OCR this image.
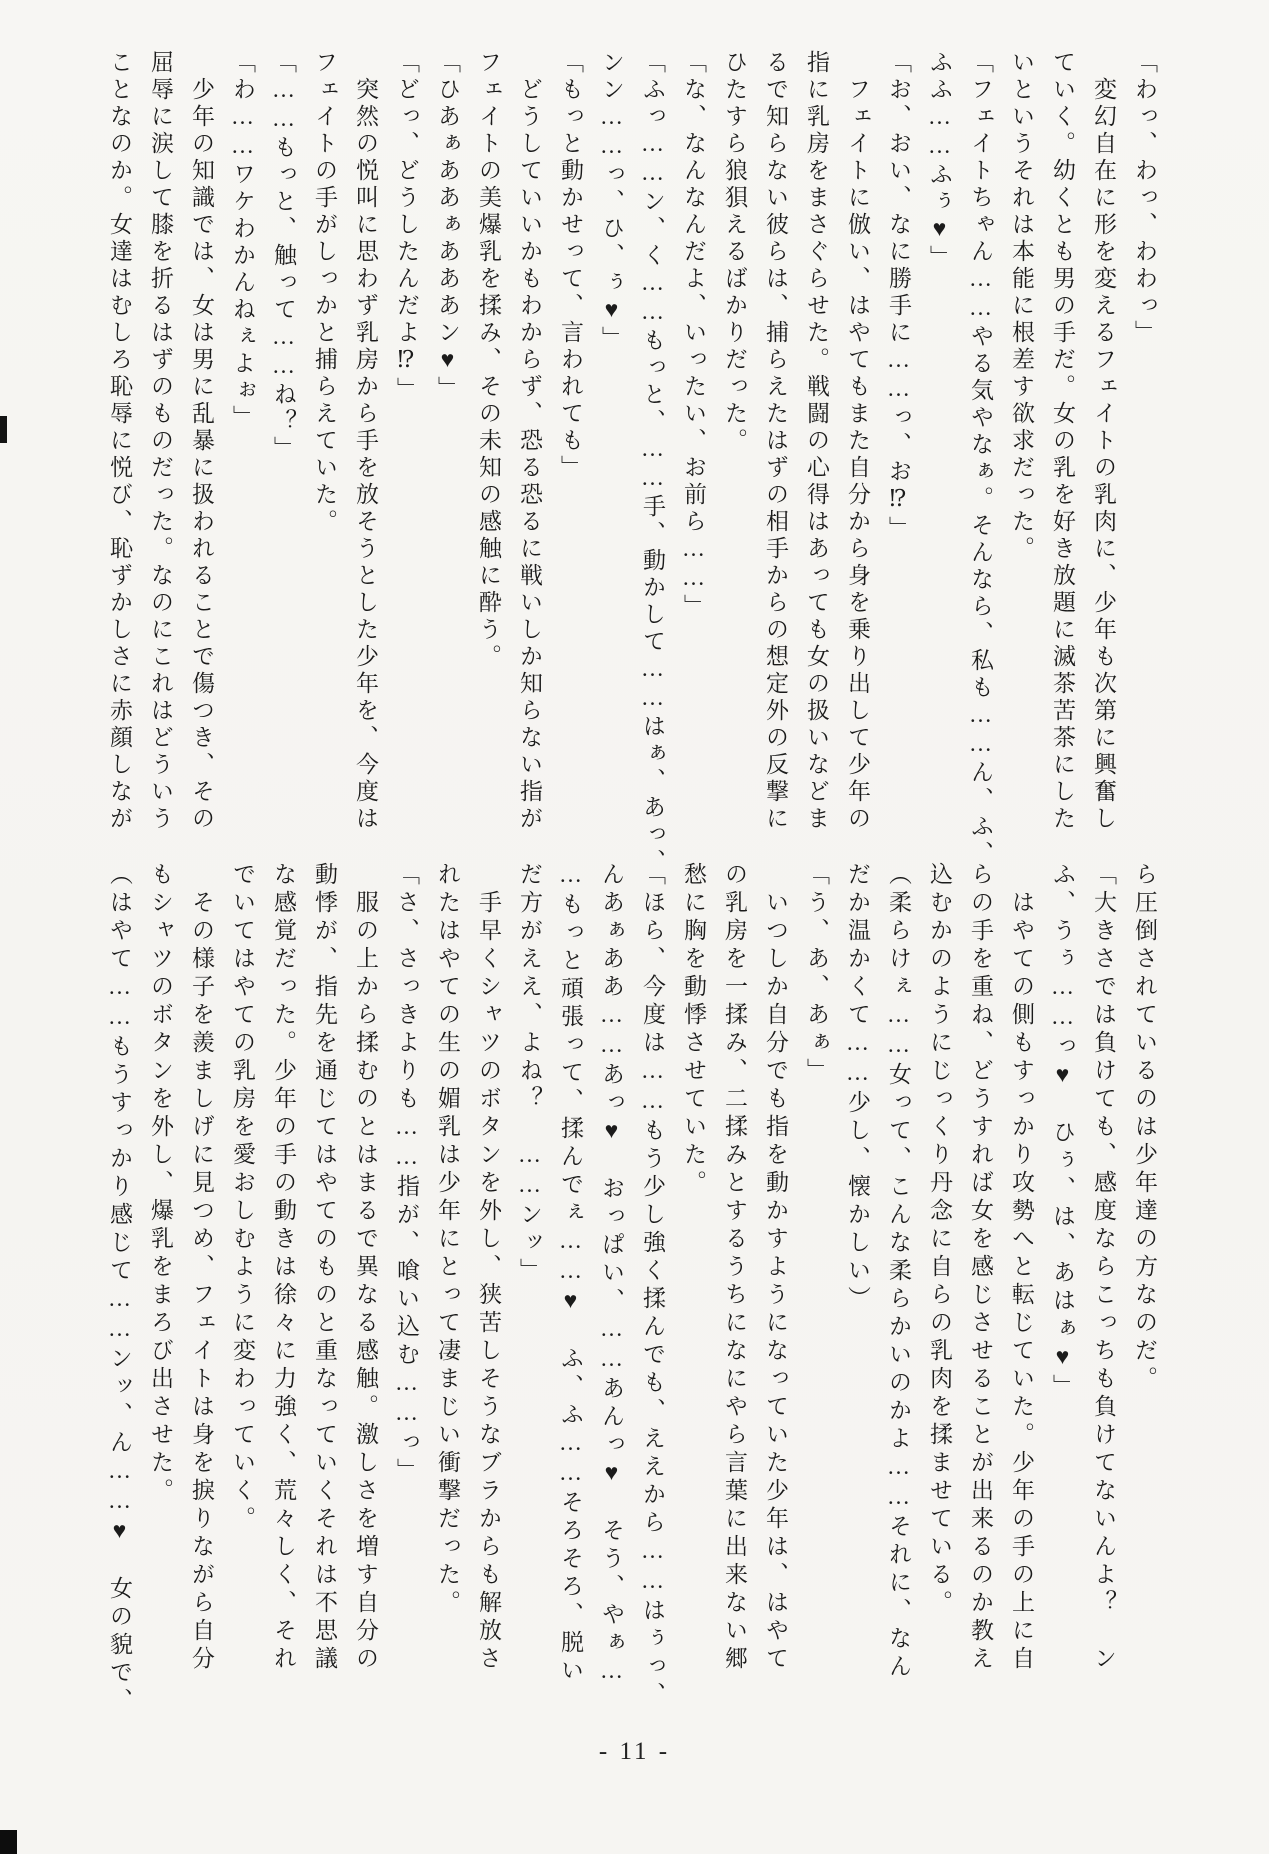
「わっ、わっ、わわっ」
　変幻自在に形を変えるフェイトの乳肉に、少年も次第に興奮し
ていく。幼くとも男の手だ。女の乳を好き放題に滅茶苦茶にした
いというそれは本能に根差す欲求だった。
「フェイトちゃん……やる気やなぁ。そんなら、私も……ん、ふ、
ふふ……ふぅ♥」
「お、おい、なに勝手に……っ、お⁉」
　フェイトに倣い、はやてもまた自分から身を乗り出して少年の
指に乳房をまさぐらせた。戦闘の心得はあっても女の扱いなどま
るで知らない彼らは、捕らえたはずの相手からの想定外の反撃に
ひたすら狼狽えるばかりだった。
「な、なんなんだよ、いったい、お前ら……」
「ふっ……ン、く……もっと、……手、動かして……はぁ、あっ、
ンン……っ、ひ、ぅ♥」
「もっと動かせって、言われても」
　どうしていいかもわからず、恐る恐るに戦いしか知らない指が
フェイトの美爆乳を揉み、その未知の感触に酔う。
「ひあぁああぁあああン♥」
「どっ、どうしたんだよ⁉」
　突然の悦叫に思わず乳房から手を放そうとした少年を、今度は
フェイトの手がしっかと捕らえていた。
「……もっと、触って……ね？」
「わ……ワケわかんねぇよぉ」
　少年の知識では、女は男に乱暴に扱われることで傷つき、その
屈辱に涙して膝を折るはずのものだった。なのにこれはどういう
ことなのか。女達はむしろ恥辱に悦び、恥ずかしさに赤顔しなが
ら圧倒されているのは少年達の方なのだ。
「大きさでは負けても、感度ならこっちも負けてないんよ？　ン
ふ、うぅ……っ♥　ひぅ、は、あはぁ♥」
　はやての側もすっかり攻勢へと転じていた。少年の手の上に自
らの手を重ね、どうすれば女を感じさせることが出来るのか教え
込むかのようにじっくり丹念に自らの乳肉を揉ませている。
（柔らけぇ……女って、こんな柔らかいのかよ……それに、なん
だか温かくて……少し、懐かしい）
「う、あ、あぁ」
　いつしか自分でも指を動かすようになっていた少年は、はやて
の乳房を一揉み、二揉みとするうちになにやら言葉に出来ない郷
愁に胸を動悸させていた。
「ほら、今度は……もう少し強く揉んでも、ええから……はぅっ、
んあぁああ……あっ♥　おっぱい、……あんっ♥　そう、やぁ…
…もっと頑張って、揉んでぇ……♥　ふ、ふ……そろそろ、脱い
だ方がええ、よね？　……ンッ」
　手早くシャツのボタンを外し、狭苦しそうなブラからも解放さ
れたはやての生の媚乳は少年にとって凄まじい衝撃だった。
「さ、さっきよりも……指が、喰い込む……っ」
　服の上から揉むのとはまるで異なる感触。激しさを増す自分の
動悸が、指先を通じてはやてのものと重なっていくそれは不思議
な感覚だった。少年の手の動きは徐々に力強く、荒々しく、それ
でいてはやての乳房を愛おしむように変わっていく。
　その様子を羨ましげに見つめ、フェイトは身を捩りながら自分
もシャツのボタンを外し、爆乳をまろび出させた。
（はやて……もうすっかり感じて……ンッ、ん……♥　女の貌で、
- 11 -
